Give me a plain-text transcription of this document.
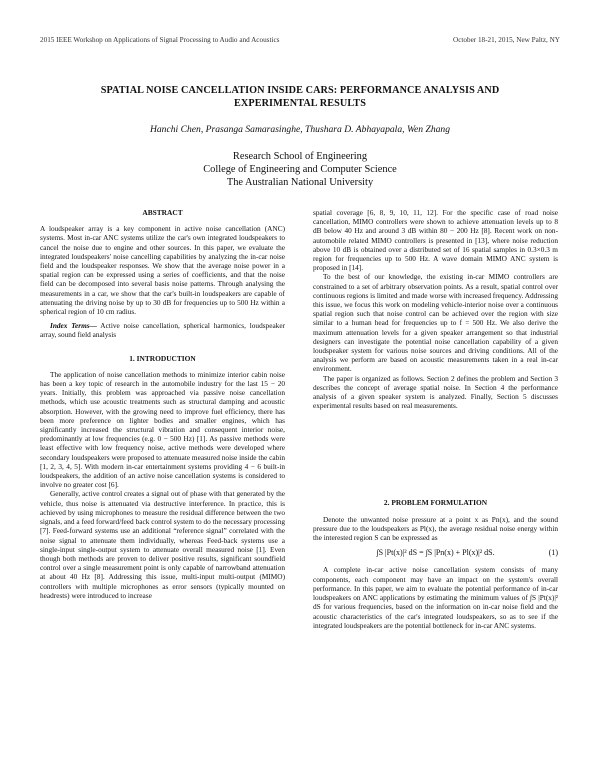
2015 IEEE Workshop on Applications of Signal Processing to Audio and Acoustics	October 18-21, 2015, New Paltz, NY
SPATIAL NOISE CANCELLATION INSIDE CARS: PERFORMANCE ANALYSIS AND EXPERIMENTAL RESULTS
Hanchi Chen, Prasanga Samarasinghe, Thushara D. Abhayapala, Wen Zhang
Research School of Engineering
College of Engineering and Computer Science
The Australian National University
ABSTRACT

A loudspeaker array is a key component in active noise cancellation (ANC) systems. Most in-car ANC systems utilize the car's own integrated loudspeakers to cancel the noise due to engine and other sources. In this paper, we evaluate the integrated loudspeakers' noise cancelling capabilities by analyzing the in-car noise field and the loudspeaker responses. We show that the average noise power in a spatial region can be expressed using a series of coefficients, and that the noise field can be decomposed into several basis noise patterns. Through analysing the measurements in a car, we show that the car's built-in loudspeakers are capable of attenuating the driving noise by up to 30 dB for frequencies up to 500 Hz within a spherical region of 10 cm radius.

Index Terms— Active noise cancellation, spherical harmonics, loudspeaker array, sound field analysis

1. INTRODUCTION

The application of noise cancellation methods to minimize interior cabin noise has been a key topic of research in the automobile industry for the last 15 − 20 years. Initially, this problem was approached via passive noise cancellation methods, which use acoustic treatments such as structural damping and acoustic absorption. However, with the growing need to improve fuel efficiency, there has been more preference on lighter bodies and smaller engines, which has significantly increased the structural vibration and consequent interior noise, predominantly at low frequencies (e.g. 0 − 500 Hz) [1]. As passive methods were least effective with low frequency noise, active methods were developed where secondary loudspeakers were proposed to attenuate measured noise inside the cabin [1, 2, 3, 4, 5]. With modern in-car entertainment systems providing 4 − 6 built-in loudspeakers, the addition of an active noise cancellation systems is considered to involve no greater cost [6].

Generally, active control creates a signal out of phase with that generated by the vehicle, thus noise is attenuated via destructive interference. In practice, this is achieved by using microphones to measure the residual difference between the two signals, and a feed forward/feed back control system to do the necessary processing [7]. Feed-forward systems use an additional “reference signal” correlated with the noise signal to attenuate them individually, whereas Feed-back systems use a single-input single-output system to attenuate overall measured noise [1]. Even though both methods are proven to deliver positive results, significant soundfield control over a single measurement point is only capable of narrowband attenuation at about 40 Hz [8]. Addressing this issue, multi-input multi-output (MIMO) controllers with multiple microphones as error sensors (typically mounted on headrests) were introduced to increase

spatial coverage [6, 8, 9, 10, 11, 12]. For the specific case of road noise cancellation, MIMO controllers were shown to achieve attenuation levels up to 8 dB below 40 Hz and around 3 dB within 80 − 200 Hz [8]. Recent work on non-automobile related MIMO controllers is presented in [13], where noise reduction above 10 dB is obtained over a distributed set of 16 spatial samples in 0.3×0.3 m region for frequencies up to 500 Hz. A wave domain MIMO ANC system is proposed in [14].

To the best of our knowledge, the existing in-car MIMO controllers are constrained to a set of arbitrary observation points. As a result, spatial control over continuous regions is limited and made worse with increased frequency. Addressing this issue, we focus this work on modeling vehicle-interior noise over a continuous spatial region such that noise control can be achieved over the region with size similar to a human head for frequencies up to f = 500 Hz. We also derive the maximum attenuation levels for a given speaker arrangement so that industrial designers can investigate the potential noise cancellation capability of a given loudspeaker system for various noise sources and driving conditions. All of the analysis we perform are based on acoustic measurements taken in a real in-car environment.

The paper is organized as follows. Section 2 defines the problem and Section 3 describes the concept of average spatial noise. In Section 4 the performance analysis of a given speaker system is analyzed. Finally, Section 5 discusses experimental results based on real measurements.

2. PROBLEM FORMULATION

Denote the unwanted noise pressure at a point x as Pn(x), and the sound pressure due to the loudspeakers as Pl(x), the average residual noise energy within the interested region S can be expressed as

∫S |Pt(x)|² dS = ∫S |Pn(x) + Pl(x)|² dS.	(1)

A complete in-car active noise cancellation system consists of many components, each component may have an impact on the system's overall performance. In this paper, we aim to evaluate the potential performance of in-car loudspeakers on ANC applications by estimating the minimum values of ∫S |Pt(x)|² dS for various frequencies, based on the information on in-car noise field and the acoustic characteristics of the car's integrated loudspeakers, so as to see if the integrated loudspeakers are the potential bottleneck for in-car ANC systems.
